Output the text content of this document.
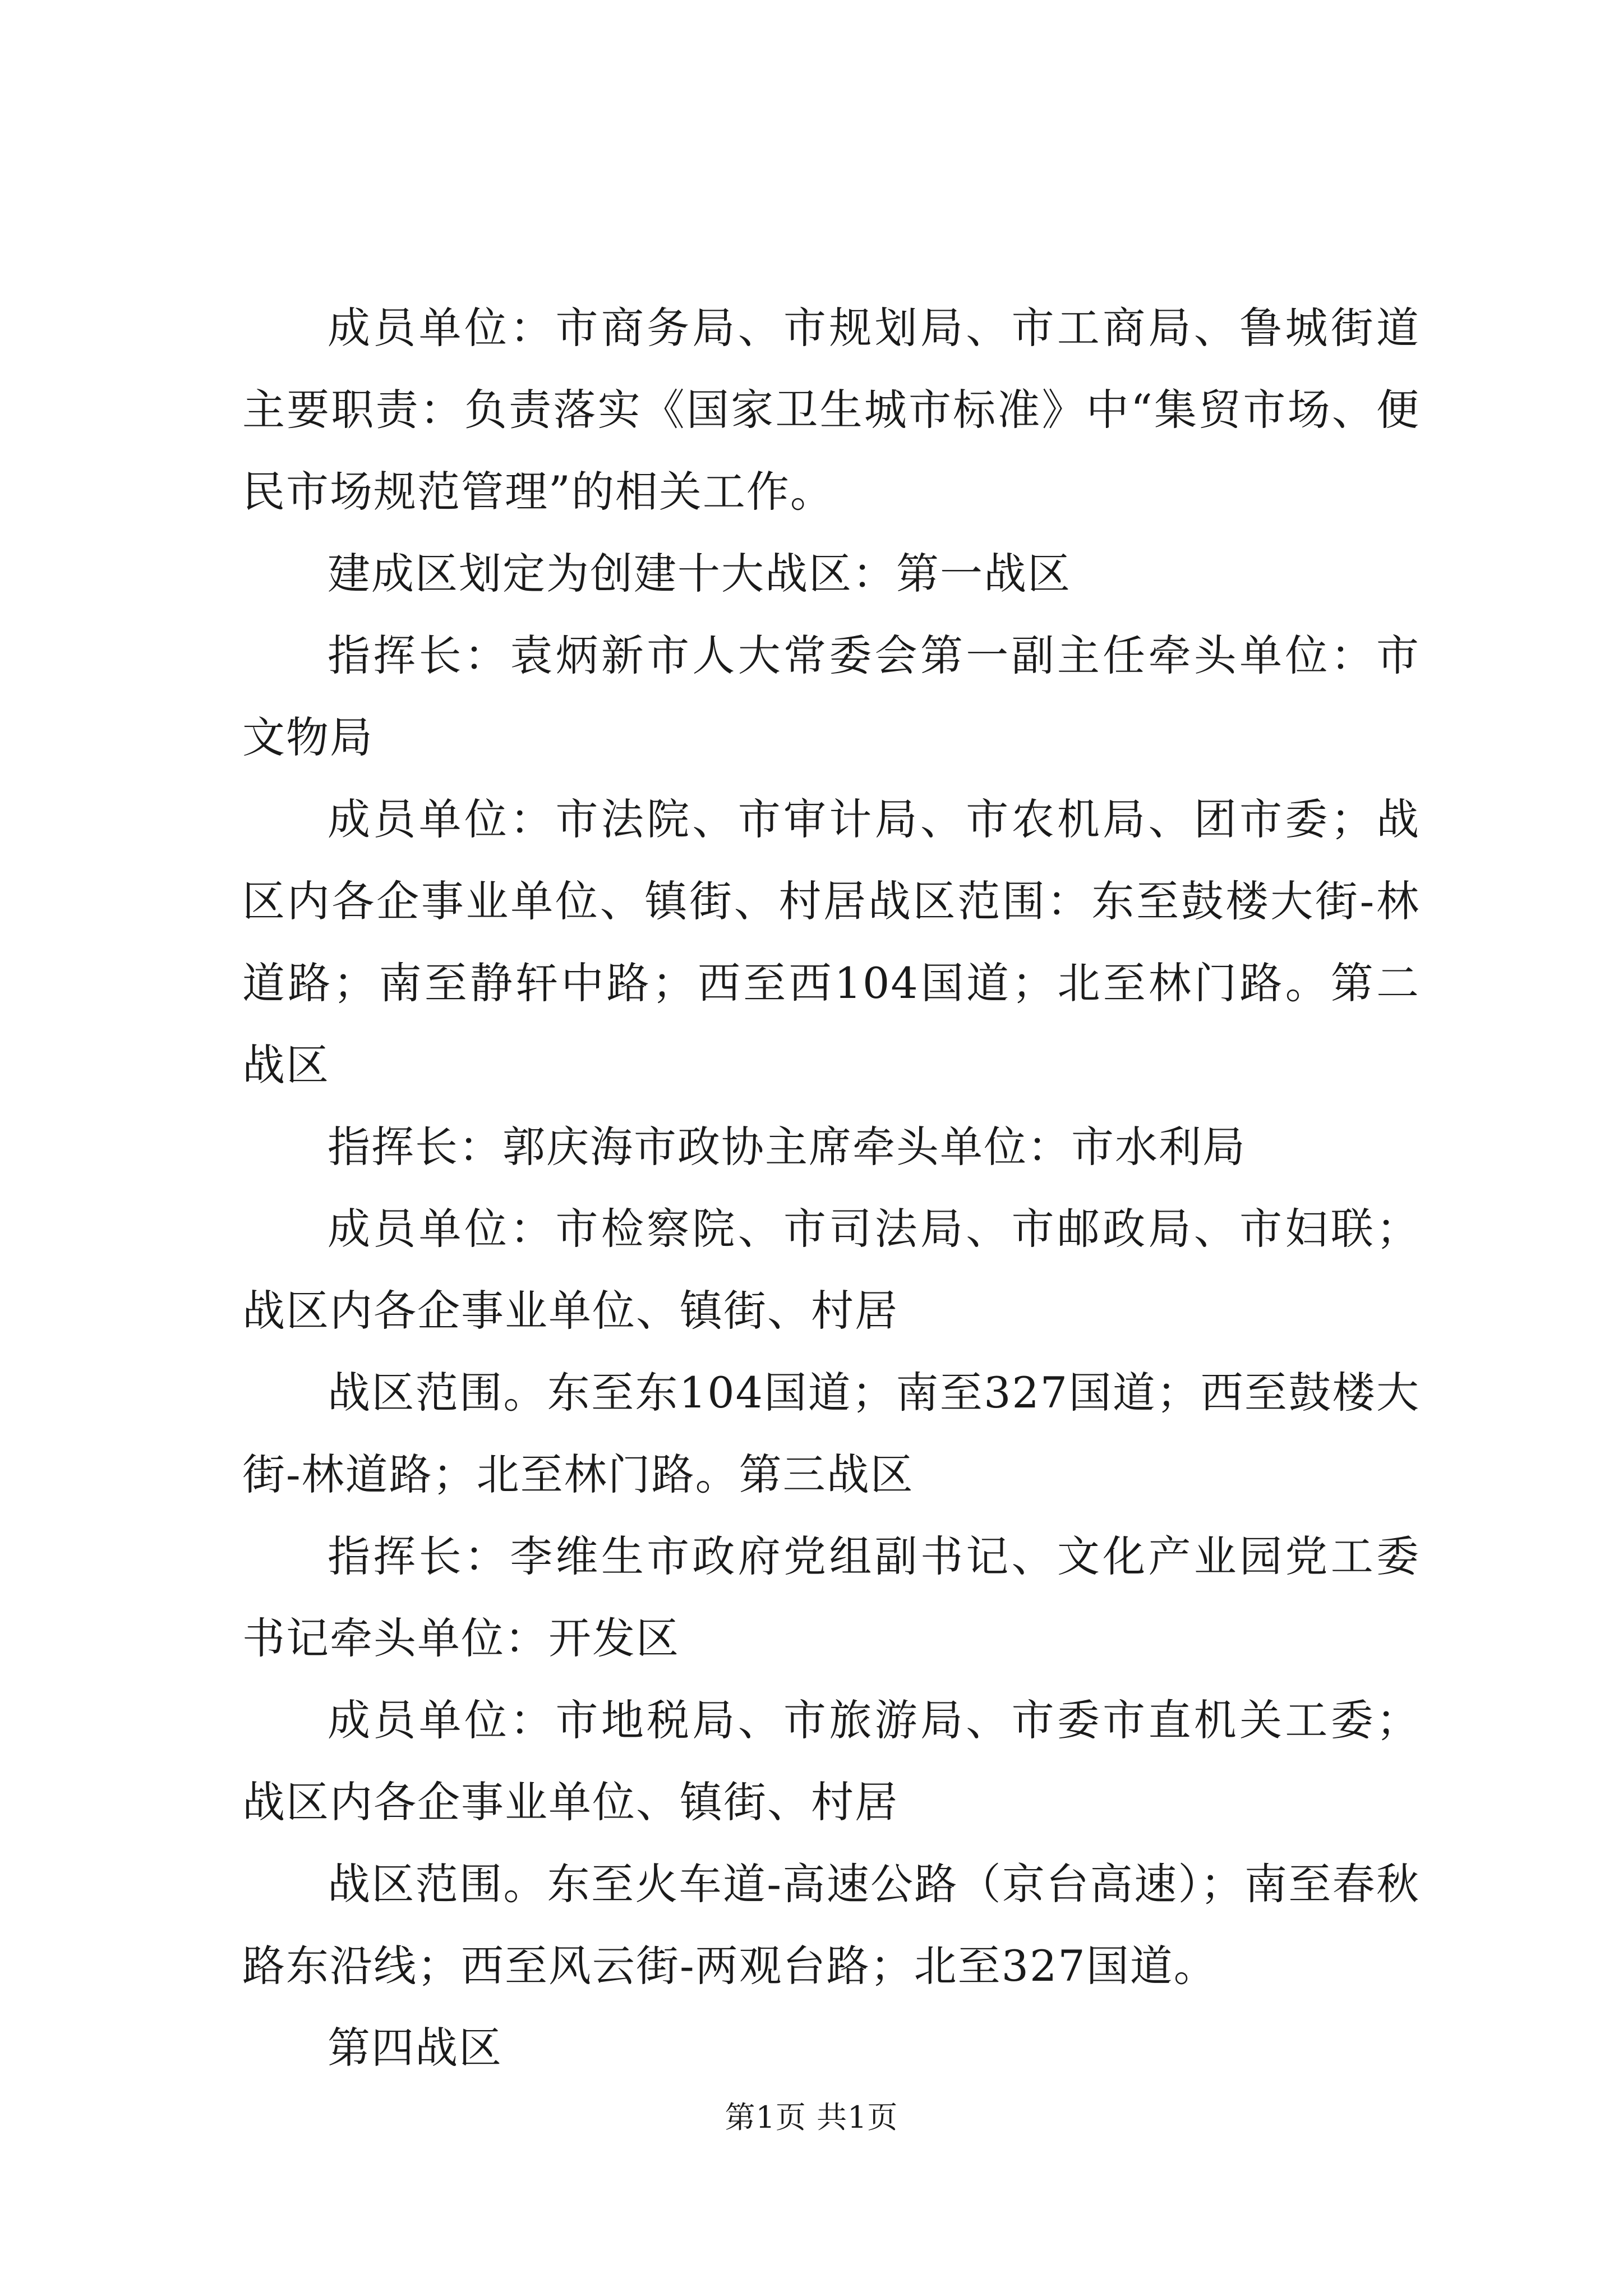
成员单位：市商务局、市规划局、市工商局、鲁城街道主要职责：负责落实《国家卫生城市标准》中“集贸市场、便民市场规范管理”的相关工作。

建成区划定为创建十大战区：第一战区

指挥长：袁炳新市人大常委会第一副主任牵头单位：市文物局

成员单位：市法院、市审计局、市农机局、团市委；战区内各企事业单位、镇街、村居战区范围：东至鼓楼大街-林道路；南至静轩中路；西至西104国道；北至林门路。第二战区

指挥长：郭庆海市政协主席牵头单位：市水利局

成员单位：市检察院、市司法局、市邮政局、市妇联；战区内各企事业单位、镇街、村居

战区范围。东至东104国道；南至327国道；西至鼓楼大街-林道路；北至林门路。第三战区

指挥长：李维生市政府党组副书记、文化产业园党工委书记牵头单位：开发区

成员单位：市地税局、市旅游局、市委市直机关工委；战区内各企事业单位、镇街、村居

战区范围。东至火车道-高速公路（京台高速）；南至春秋路东沿线；西至风云街-两观台路；北至327国道。

第四战区

第1页 共1页
